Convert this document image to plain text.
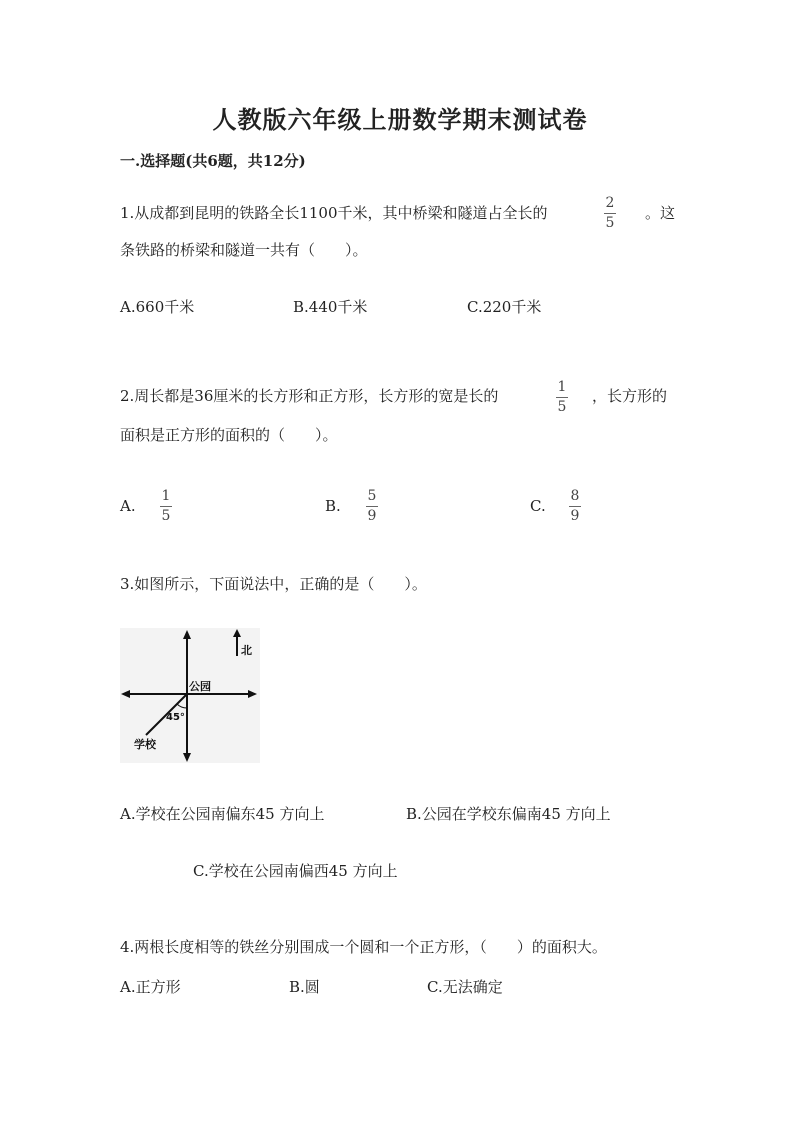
人教版六年级上册数学期末测试卷
一.选择题(共6题，共12分)
1.从成都到昆明的铁路全长1100千米，其中桥梁和隧道占全长的
2
5
。这
条铁路的桥梁和隧道一共有（　　）。
A.660千米	B.440千米	C.220千米
2.周长都是36厘米的长方形和正方形，长方形的宽是长的	1
5
，长方形的
面积是正方形的面积的（　　）。
A.
1
5
B.
5
9
C.
8
9
3.如图所示，下面说法中，正确的是（　　）。
北
公园
45°
学校
A.学校在公园南偏东45 方向上	B.公园在学校东偏南45 方向上
C.学校在公园南偏西45 方向上
4.两根长度相等的铁丝分别围成一个圆和一个正方形，（　　）的面积大。
A.正方形	B.圆	C.无法确定
